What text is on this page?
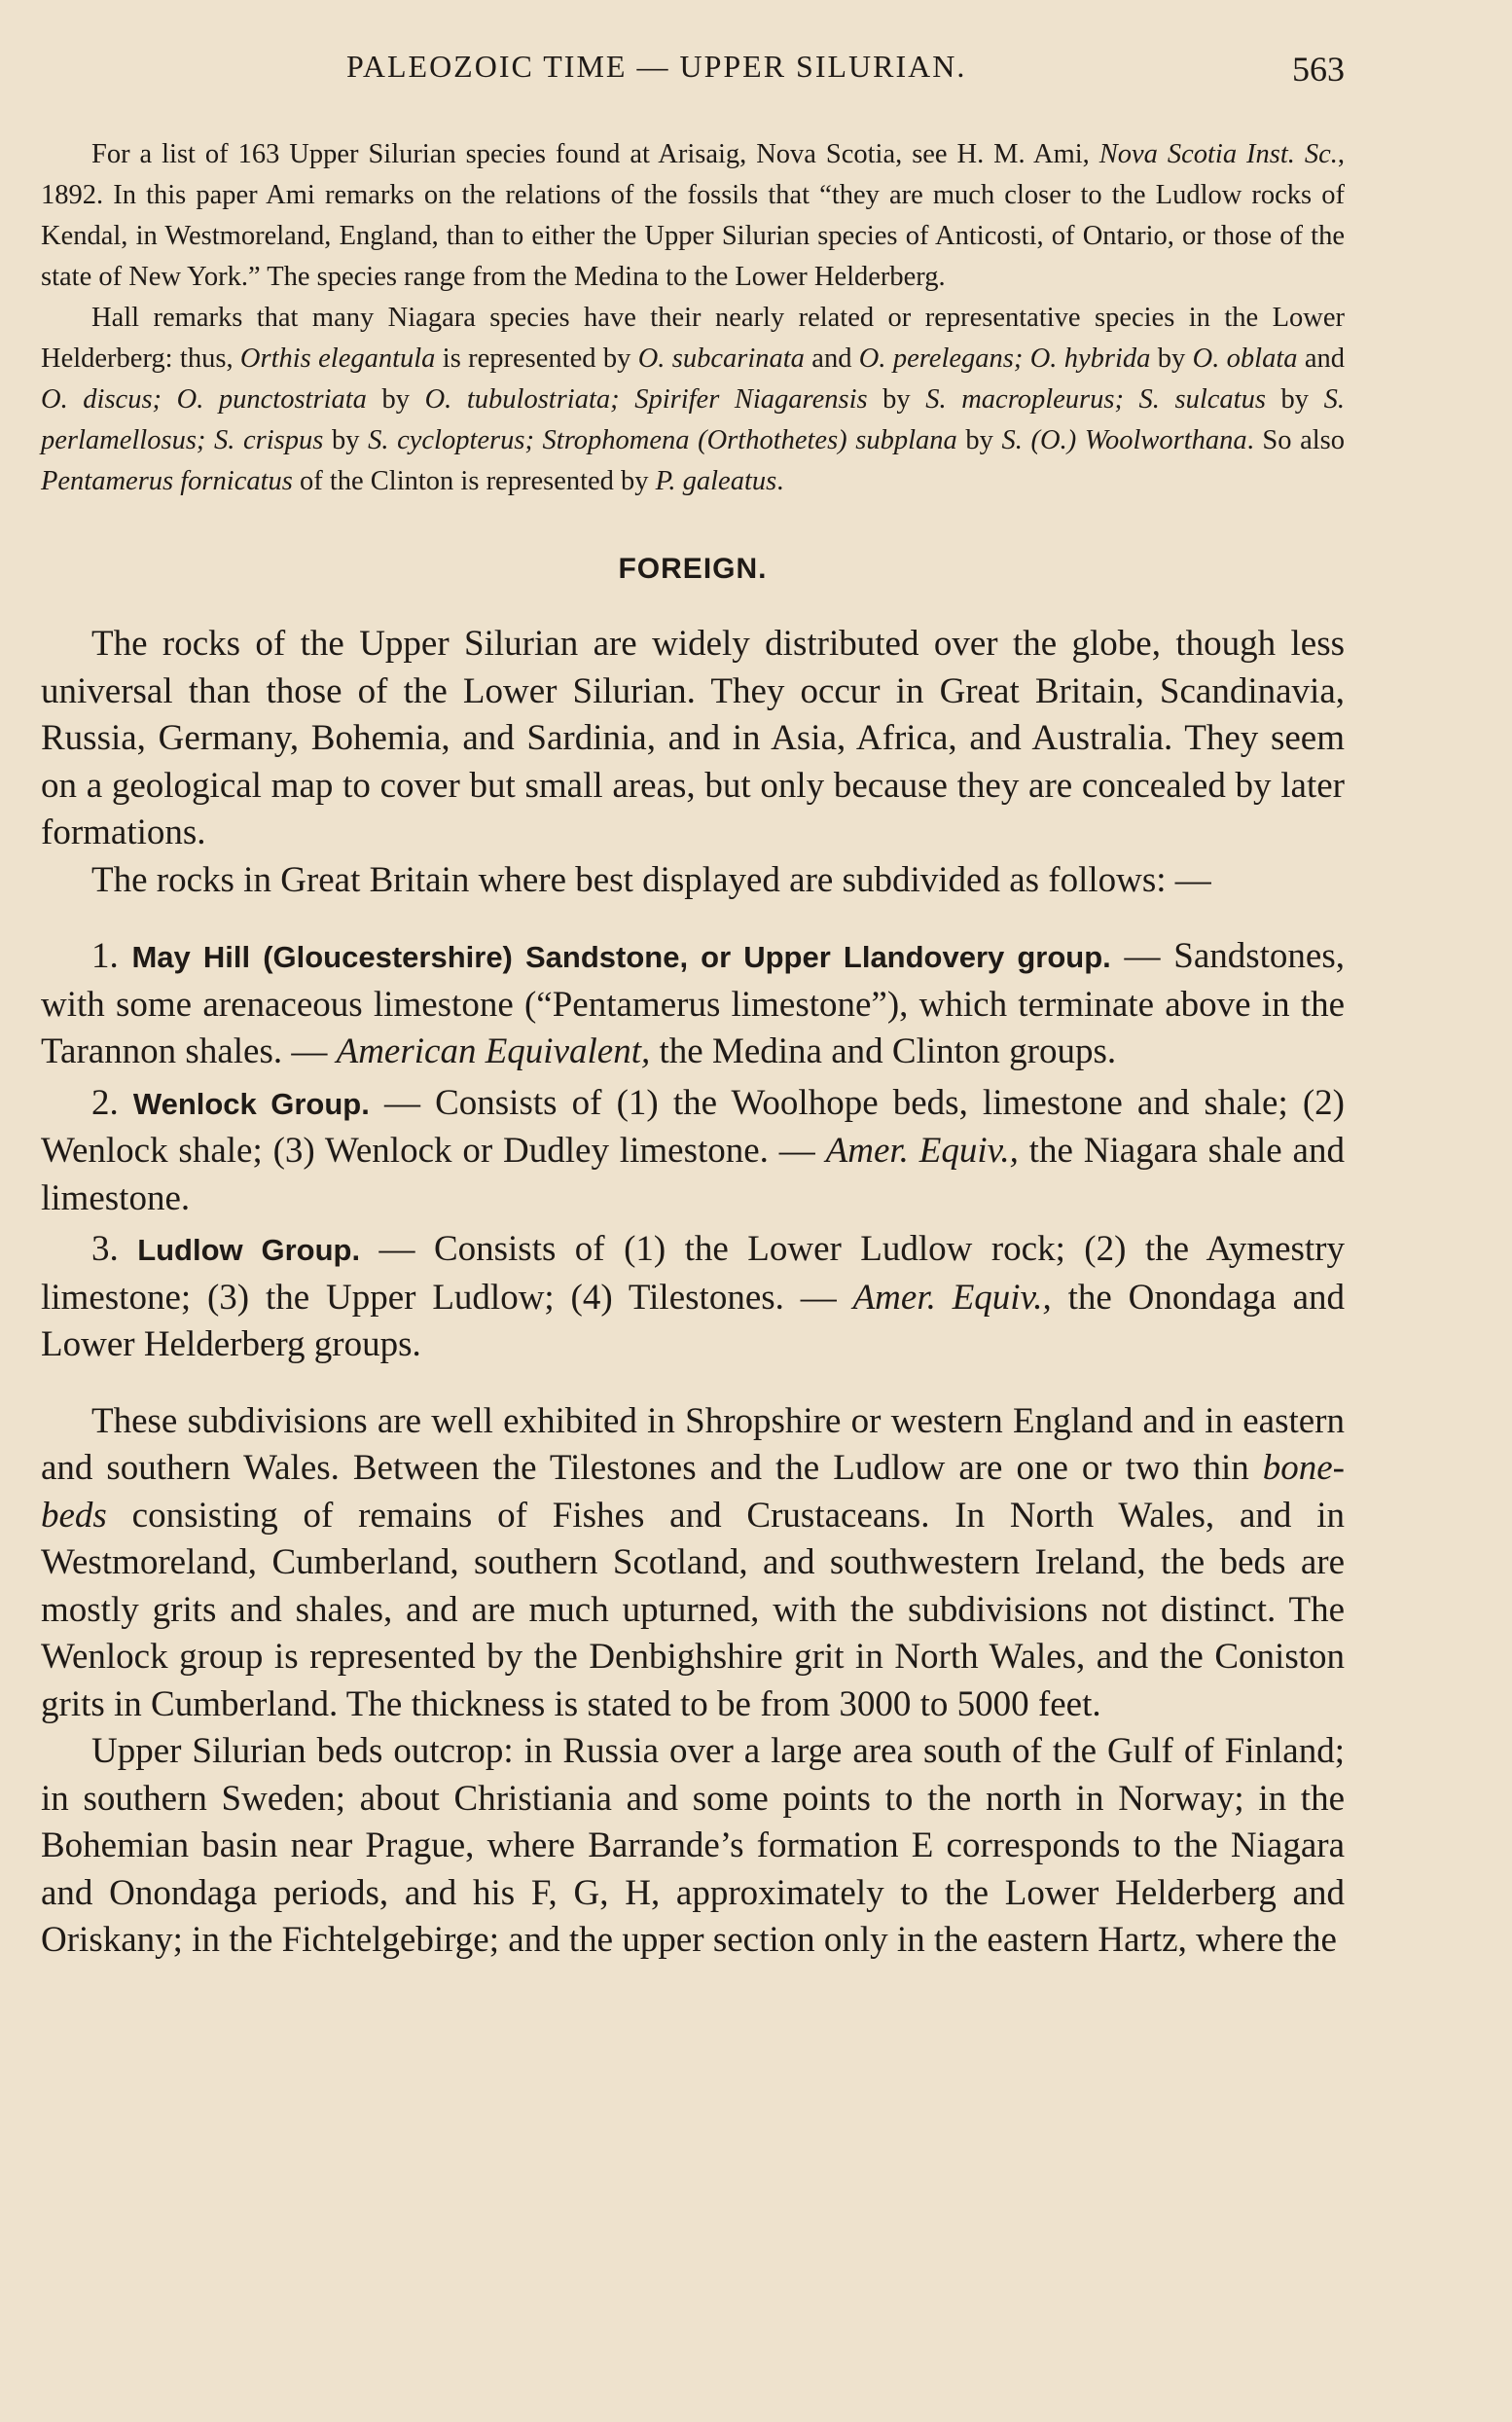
PALEOZOIC TIME — UPPER SILURIAN.	563

For a list of 163 Upper Silurian species found at Arisaig, Nova Scotia, see H. M. Ami, Nova Scotia Inst. Sc., 1892. In this paper Ami remarks on the relations of the fossils that “they are much closer to the Ludlow rocks of Kendal, in Westmoreland, England, than to either the Upper Silurian species of Anticosti, of Ontario, or those of the state of New York.” The species range from the Medina to the Lower Helderberg.

Hall remarks that many Niagara species have their nearly related or representative species in the Lower Helderberg: thus, Orthis elegantula is represented by O. subcarinata and O. perelegans; O. hybrida by O. oblata and O. discus; O. punctostriata by O. tubulostriata; Spirifer Niagarensis by S. macropleurus; S. sulcatus by S. perlamellosus; S. crispus by S. cyclopterus; Strophomena (Orthothetes) subplana by S. (O.) Woolworthana. So also Pentamerus fornicatus of the Clinton is represented by P. galeatus.

FOREIGN.

The rocks of the Upper Silurian are widely distributed over the globe, though less universal than those of the Lower Silurian. They occur in Great Britain, Scandinavia, Russia, Germany, Bohemia, and Sardinia, and in Asia, Africa, and Australia. They seem on a geological map to cover but small areas, but only because they are concealed by later formations.

The rocks in Great Britain where best displayed are subdivided as follows: —

1. May Hill (Gloucestershire) Sandstone, or Upper Llandovery group. — Sandstones, with some arenaceous limestone (“Pentamerus limestone”), which terminate above in the Tarannon shales. — American Equivalent, the Medina and Clinton groups.

2. Wenlock Group. — Consists of (1) the Woolhope beds, limestone and shale; (2) Wenlock shale; (3) Wenlock or Dudley limestone. — Amer. Equiv., the Niagara shale and limestone.

3. Ludlow Group. — Consists of (1) the Lower Ludlow rock; (2) the Aymestry limestone; (3) the Upper Ludlow; (4) Tilestones. — Amer. Equiv., the Onondaga and Lower Helderberg groups.

These subdivisions are well exhibited in Shropshire or western England and in eastern and southern Wales. Between the Tilestones and the Ludlow are one or two thin bone-beds consisting of remains of Fishes and Crustaceans. In North Wales, and in Westmoreland, Cumberland, southern Scotland, and southwestern Ireland, the beds are mostly grits and shales, and are much upturned, with the subdivisions not distinct. The Wenlock group is represented by the Denbighshire grit in North Wales, and the Coniston grits in Cumberland. The thickness is stated to be from 3000 to 5000 feet.

Upper Silurian beds outcrop: in Russia over a large area south of the Gulf of Finland; in southern Sweden; about Christiania and some points to the north in Norway; in the Bohemian basin near Prague, where Barrande’s formation E corresponds to the Niagara and Onondaga periods, and his F, G, H, approximately to the Lower Helderberg and Oriskany; in the Fichtelgebirge; and the upper section only in the eastern Hartz, where the
